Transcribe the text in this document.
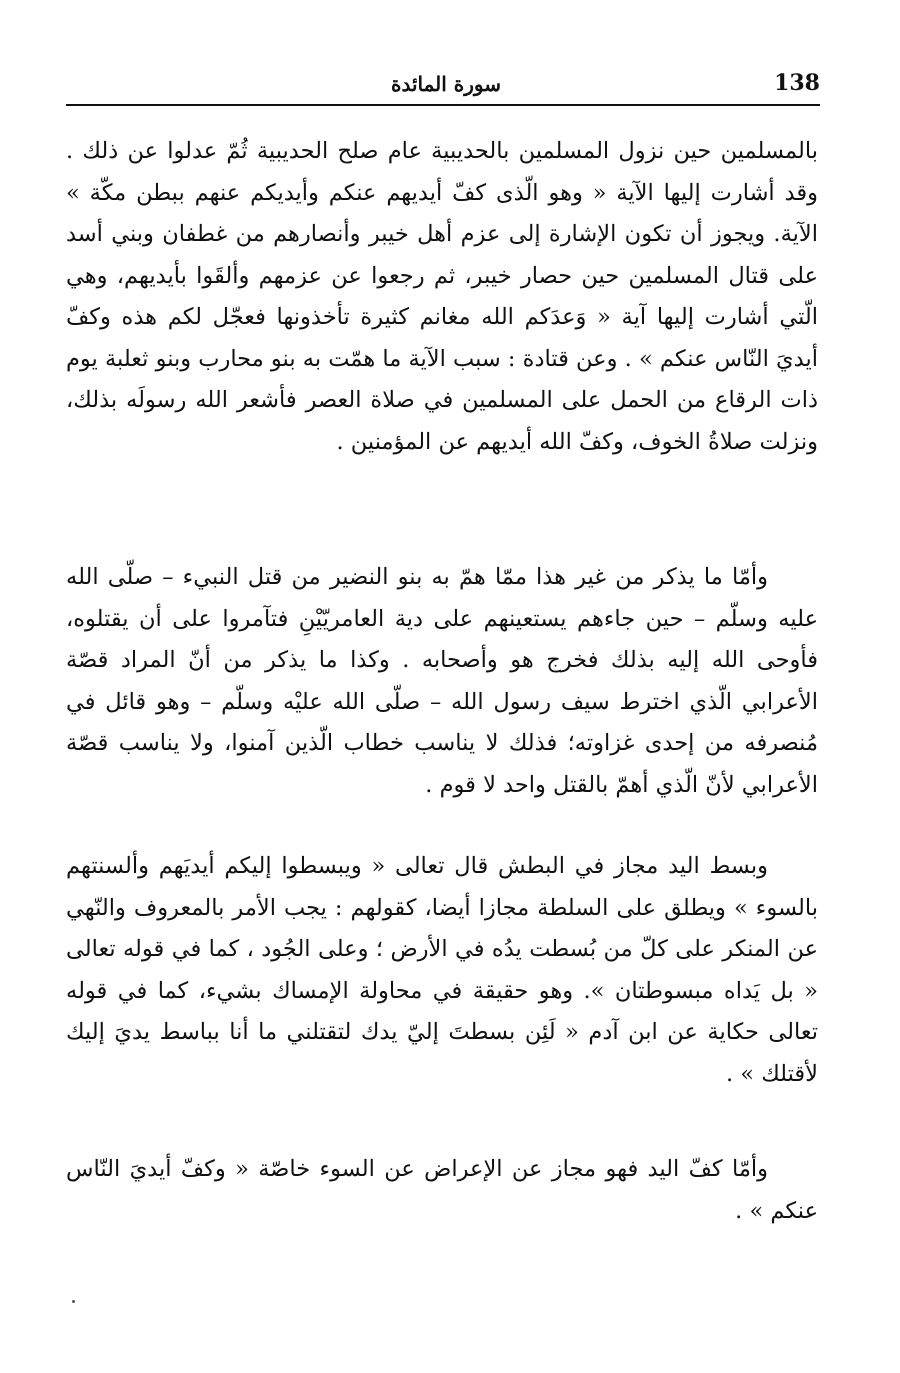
138
سورة المائدة

بالمسلمين حين نزول المسلمين بالحديبية عام صلح الحديبية ثُمّ عدلوا عن ذلك . وقد أشارت إليها الآية « وهو الّذى كفّ أيديهم عنكم وأيديكم عنهم ببطن مكّة » الآية. ويجوز أن تكون الإشارة إلى عزم أهل خيبر وأنصارهم من غطفان وبني أسد على قتال المسلمين حين حصار خيبر، ثم رجعوا عن عزمهم وألقَوا بأيديهم، وهي الّتي أشارت إليها آية « وَعدَكم الله مغانم كثيرة تأخذونها فعجّل لكم هذه وكفّ أيديَ النّاس عنكم » . وعن قتادة : سبب الآية ما همّت به بنو محارب وبنو ثعلبة يوم ذات الرقاع من الحمل على المسلمين في صلاة العصر فأشعر الله رسولَه بذلك، ونزلت صلاةُ الخوف، وكفّ الله أيديهم عن المؤمنين .

وأمّا ما يذكر من غير هذا ممّا همّ به بنو النضير من قتل النبيء – صلّى الله عليه وسلّم – حين جاءهم يستعينهم على دية العامريّيْنِ فتآمروا على أن يقتلوه، فأوحى الله إليه بذلك فخرج هو وأصحابه . وكذا ما يذكر من أنّ المراد قصّة الأعرابي الّذي اخترط سيف رسول الله – صلّى الله عليْه وسلّم – وهو قائل في مُنصرفه من إحدى غزاوته؛ فذلك لا يناسب خطاب الّذين آمنوا، ولا يناسب قصّة الأعرابي لأنّ الّذي أهمّ بالقتل واحد لا قوم .

وبسط اليد مجاز في البطش قال تعالى « ويبسطوا إليكم أيديَهم وألسنتهم بالسوء » ويطلق على السلطة مجازا أيضا، كقولهم : يجب الأمر بالمعروف والنّهي عن المنكر على كلّ من بُسطت يدُه في الأرض ؛ وعلى الجُود ، كما في قوله تعالى « بل يَداه مبسوطتان ». وهو حقيقة في محاولة الإمساك بشيء، كما في قوله تعالى حكاية عن ابن آدم « لَئِن بسطتَ إليّ يدك لتقتلني ما أنا بباسط يديَ إليك لأقتلك » .

وأمّا كفّ اليد فهو مجاز عن الإعراض عن السوء خاصّة « وكفّ أيديَ النّاس عنكم » .
